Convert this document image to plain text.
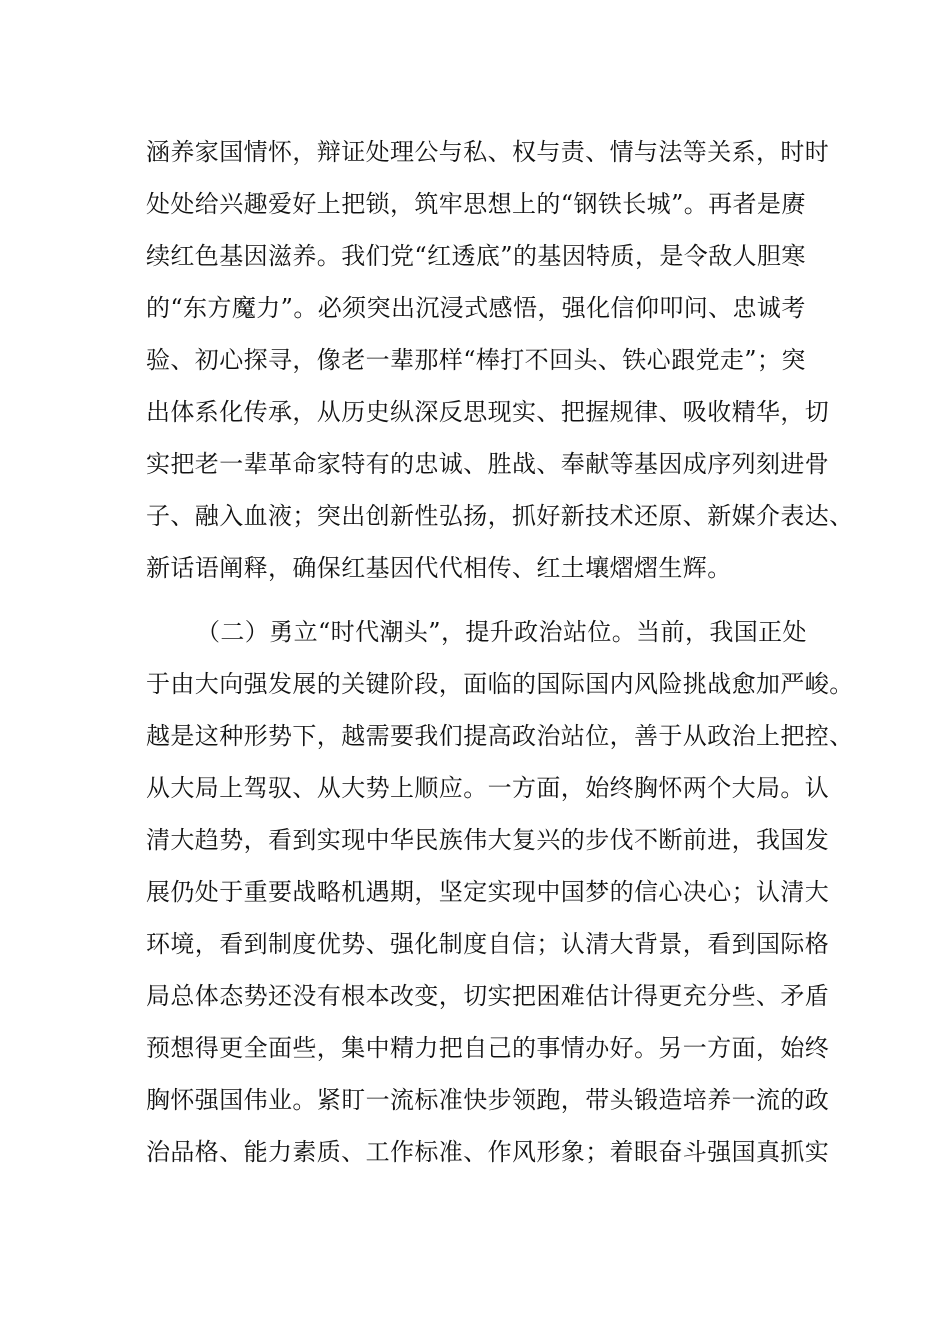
涵养家国情怀，辩证处理公与私、权与责、情与法等关系，时时
处处给兴趣爱好上把锁，筑牢思想上的“钢铁长城”。再者是赓
续红色基因滋养。我们党“红透底”的基因特质，是令敌人胆寒
的“东方魔力”。必须突出沉浸式感悟，强化信仰叩问、忠诚考
验、初心探寻，像老一辈那样“棒打不回头、铁心跟党走”；突
出体系化传承，从历史纵深反思现实、把握规律、吸收精华，切
实把老一辈革命家特有的忠诚、胜战、奉献等基因成序列刻进骨
子、融入血液；突出创新性弘扬，抓好新技术还原、新媒介表达、
新话语阐释，确保红基因代代相传、红土壤熠熠生辉。
（二）勇立“时代潮头”，提升政治站位。当前，我国正处
于由大向强发展的关键阶段，面临的国际国内风险挑战愈加严峻。
越是这种形势下，越需要我们提高政治站位，善于从政治上把控、
从大局上驾驭、从大势上顺应。一方面，始终胸怀两个大局。认
清大趋势，看到实现中华民族伟大复兴的步伐不断前进，我国发
展仍处于重要战略机遇期，坚定实现中国梦的信心决心；认清大
环境，看到制度优势、强化制度自信；认清大背景，看到国际格
局总体态势还没有根本改变，切实把困难估计得更充分些、矛盾
预想得更全面些，集中精力把自己的事情办好。另一方面，始终
胸怀强国伟业。紧盯一流标准快步领跑，带头锻造培养一流的政
治品格、能力素质、工作标准、作风形象；着眼奋斗强国真抓实
